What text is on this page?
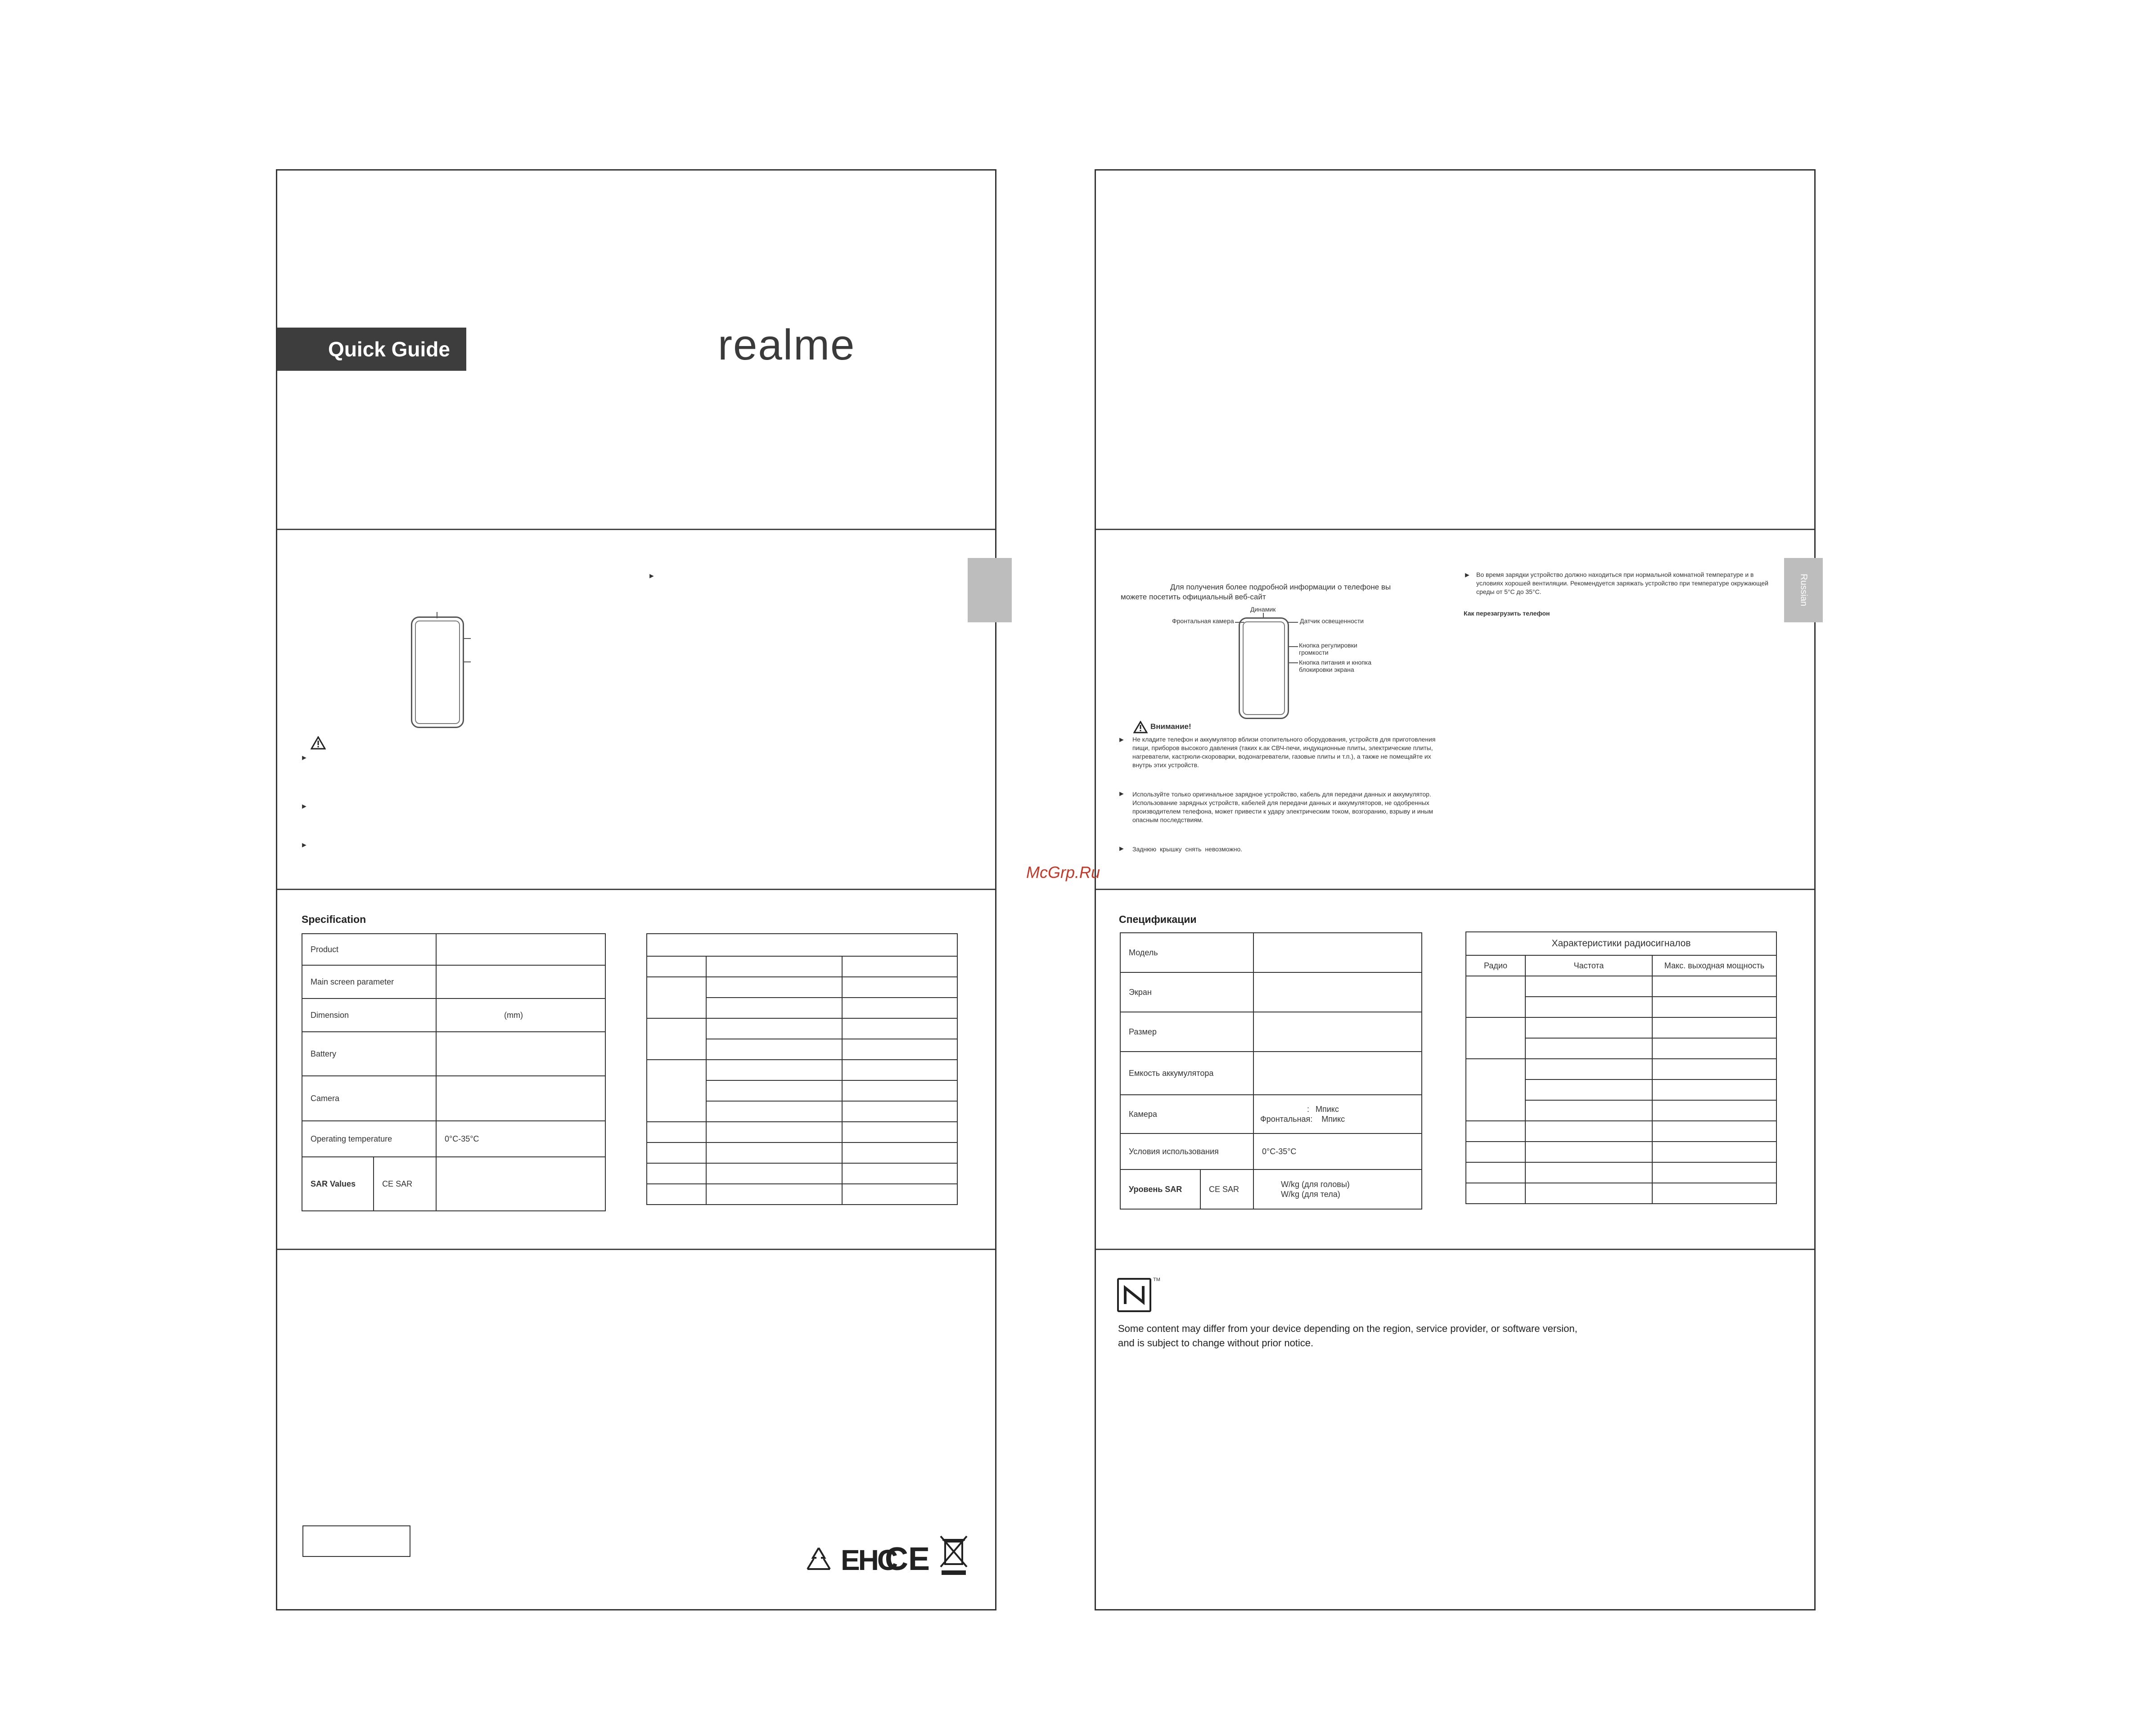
Quick Guide	realme
►
►
►
►
Specification
Product		
Main screen parameter		
Dimension		(mm)
Battery		
Camera		
Operating temperature		0°C-35°C
SAR Values	CE SAR	

EHC
CE
Для получения более подробной информации о телефоне вы можете посетить официальный веб-сайт
Динамик
Фронтальная камера	Датчик освещенности
Кнопка регулировки громкости
Кнопка питания и кнопка блокировки экрана
Внимание!
► Не кладите телефон и аккумулятор вблизи отопительного оборудования, устройств для приготовления пищи, приборов высокого давления (таких к.ак СВЧ-печи, индукционные плиты, электрические плиты, нагреватели, кастрюли-скороварки, водонагреватели, газовые плиты и т.п.), а также не помещайте их внутрь этих устройств.
► Используйте только оригинальное зарядное устройство, кабель для передачи данных и аккумулятор. Использование зарядных устройств, кабелей для передачи данных и аккумуляторов, не одобренных производителем телефона, может привести к удару электрическим током, возгоранию, взрыву и иным опасным последствиям.
► Заднюю крышку снять невозможно.
► Во время зарядки устройство должно находиться при нормальной комнатной температуре и в условиях хорошей вентиляции. Рекомендуется заряжать устройство при температуре окружающей среды от 5°С до 35°С.
Как перезагрузить телефон
Russian
Спецификации
Модель		
Экран		
Размер		
Емкость аккумулятора		
Камера		: Мпикс
Фронтальная: Мпикс

Условия использования		0°C-35°C
Уровень SAR	CE SAR	W/kg (для головы)
W/kg (для тела)
Характеристики радиосигналов		
Радио	Частота	Макс. выходная мощность

McGrp.Ru
TM
Some content may differ from your device depending on the region, service provider, or software version,
and is subject to change without prior notice.
